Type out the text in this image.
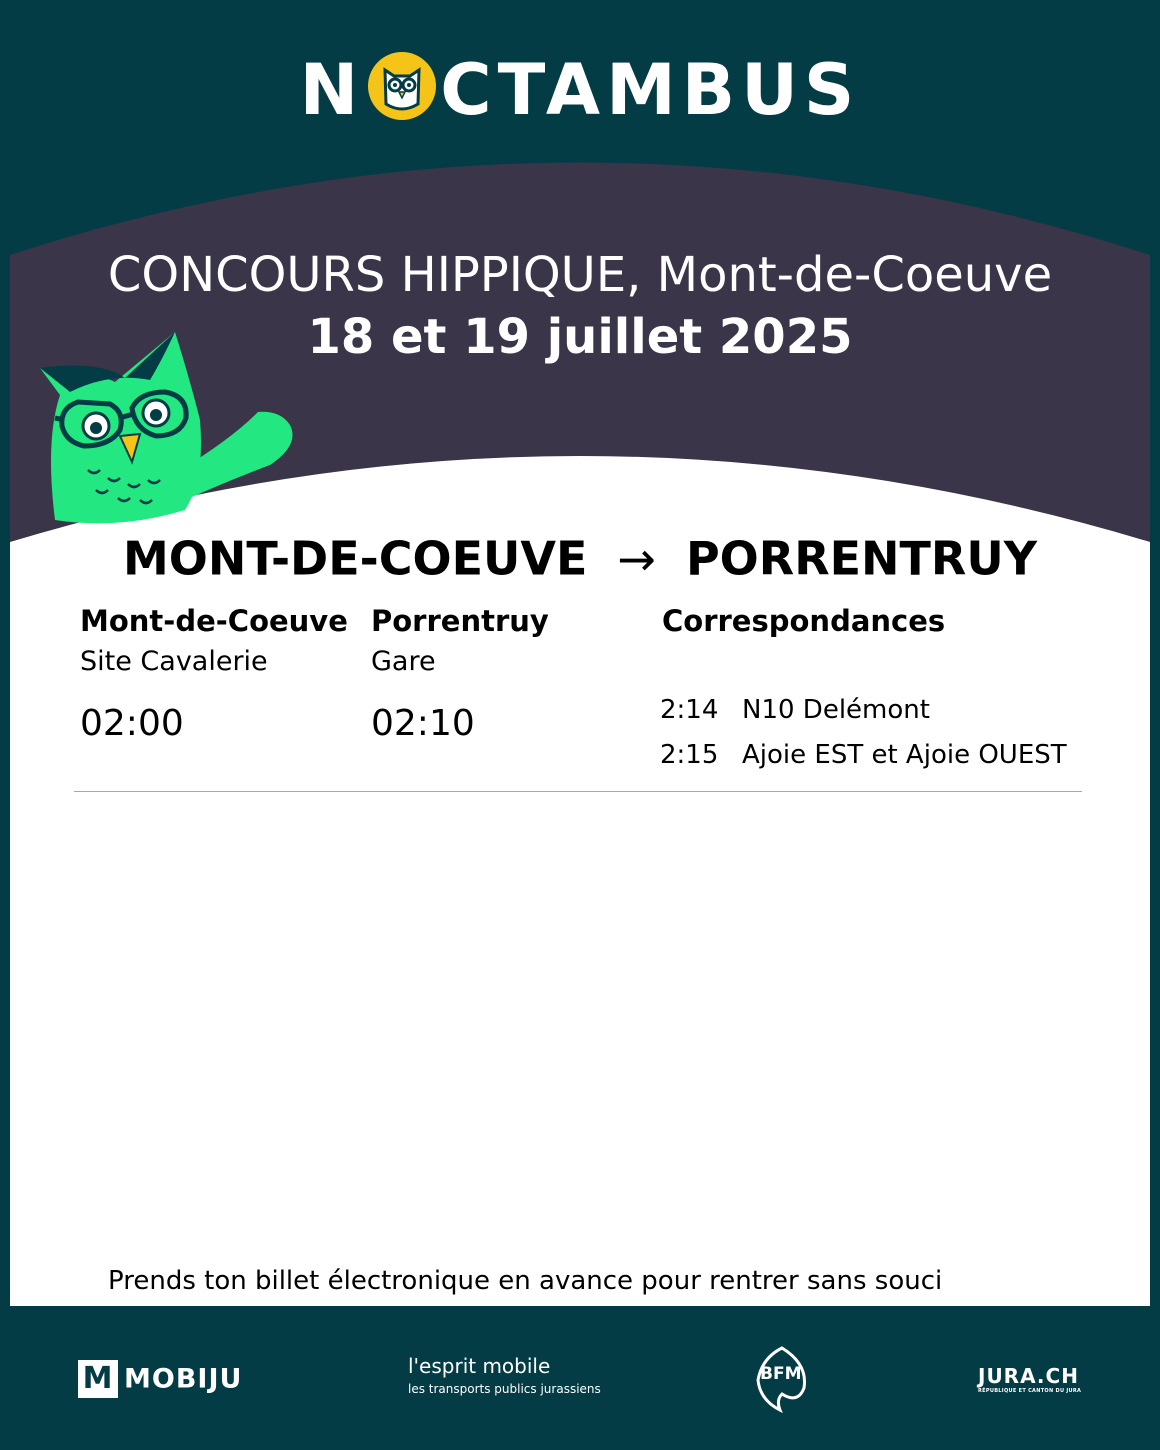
N CTAMBUS
CONCOURS HIPPIQUE, Mont-de-Coeuve
18 et 19 juillet 2025
MONT-DE-COEUVE → PORRENTRUY
Mont-de-Coeuve
Site Cavalerie
02:00
Porrentruy
Gare
02:10
Correspondances
2:14 N10 Delémont
2:15 Ajoie EST et Ajoie OUEST
Prends ton billet électronique en avance pour rentrer sans souci
M MOBIJU	l'esprit mobile
les transports publics jurassiens
BFM	JURA.CH
RÉPUBLIQUE ET CANTON DU JURA
